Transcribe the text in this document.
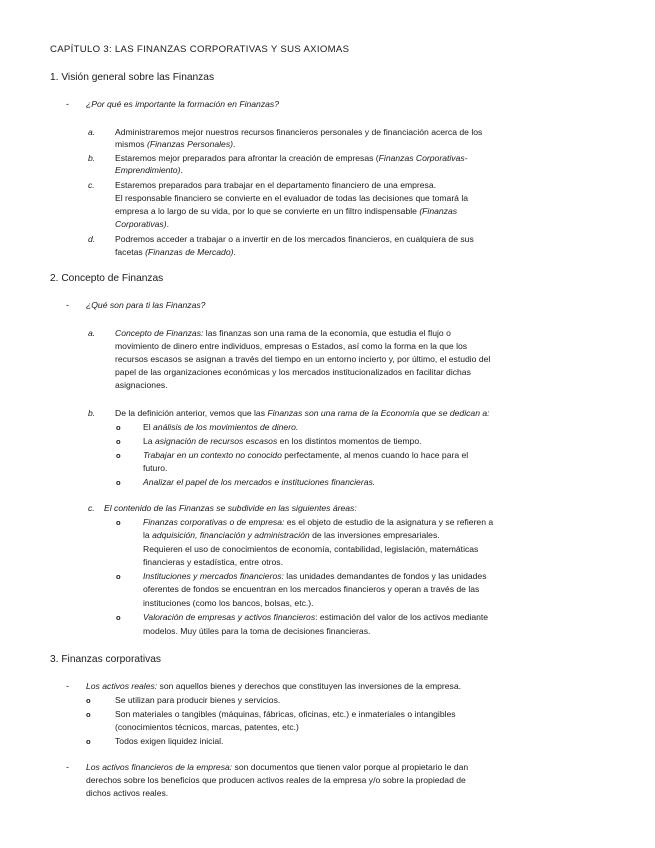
CAPÍTULO 3: LAS FINANZAS CORPORATIVAS Y SUS AXIOMAS
1. Visión general sobre las Finanzas
- ¿Por qué es importante la formación en Finanzas?
a. Administraremos mejor nuestros recursos financieros personales y de financiación acerca de los
mismos (Finanzas Personales).
b. Estaremos mejor preparados para afrontar la creación de empresas (Finanzas Corporativas-
Emprendimiento).
c. Estaremos preparados para trabajar en el departamento financiero de una empresa.
El responsable financiero se convierte en el evaluador de todas las decisiones que tomará la
empresa a lo largo de su vida, por lo que se convierte en un filtro indispensable (Finanzas
Corporativas).
d. Podremos acceder a trabajar o a invertir en de los mercados financieros, en cualquiera de sus
facetas (Finanzas de Mercado).
2. Concepto de Finanzas
- ¿Qué son para ti las Finanzas?
a. Concepto de Finanzas: las finanzas son una rama de la economía, que estudia el flujo o
movimiento de dinero entre individuos, empresas o Estados, así como la forma en la que los
recursos escasos se asignan a través del tiempo en un entorno incierto y, por último, el estudio del
papel de las organizaciones económicas y los mercados institucionalizados en facilitar dichas
asignaciones.
b. De la definición anterior, vemos que las Finanzas son una rama de la Economía que se dedican a:
o	El análisis de los movimientos de dinero.
o	La asignación de recursos escasos en los distintos momentos de tiempo.
o	Trabajar en un contexto no conocido perfectamente, al menos cuando lo hace para el
futuro.
o	Analizar el papel de los mercados e instituciones financieras.
c. El contenido de las Finanzas se subdivide en las siguientes áreas:
o	Finanzas corporativas o de empresa: es el objeto de estudio de la asignatura y se refieren a
la adquisición, financiación y administración de las inversiones empresariales.
Requieren el uso de conocimientos de economía, contabilidad, legislación, matemáticas
financieras y estadística, entre otros.
o	Instituciones y mercados financieros: las unidades demandantes de fondos y las unidades
oferentes de fondos se encuentran en los mercados financieros y operan a través de las
instituciones (como los bancos, bolsas, etc.).
o	Valoración de empresas y activos financieros: estimación del valor de los activos mediante
modelos. Muy útiles para la toma de decisiones financieras.
3. Finanzas corporativas
- Los activos reales: son aquellos bienes y derechos que constituyen las inversiones de la empresa.
o	Se utilizan para producir bienes y servicios.
o	Son materiales o tangibles (máquinas, fábricas, oficinas, etc.) e inmateriales o intangibles
(conocimientos técnicos, marcas, patentes, etc.)
o	Todos exigen liquidez inicial.
- Los activos financieros de la empresa: son documentos que tienen valor porque al propietario le dan
derechos sobre los beneficios que producen activos reales de la empresa y/o sobre la propiedad de
dichos activos reales.
